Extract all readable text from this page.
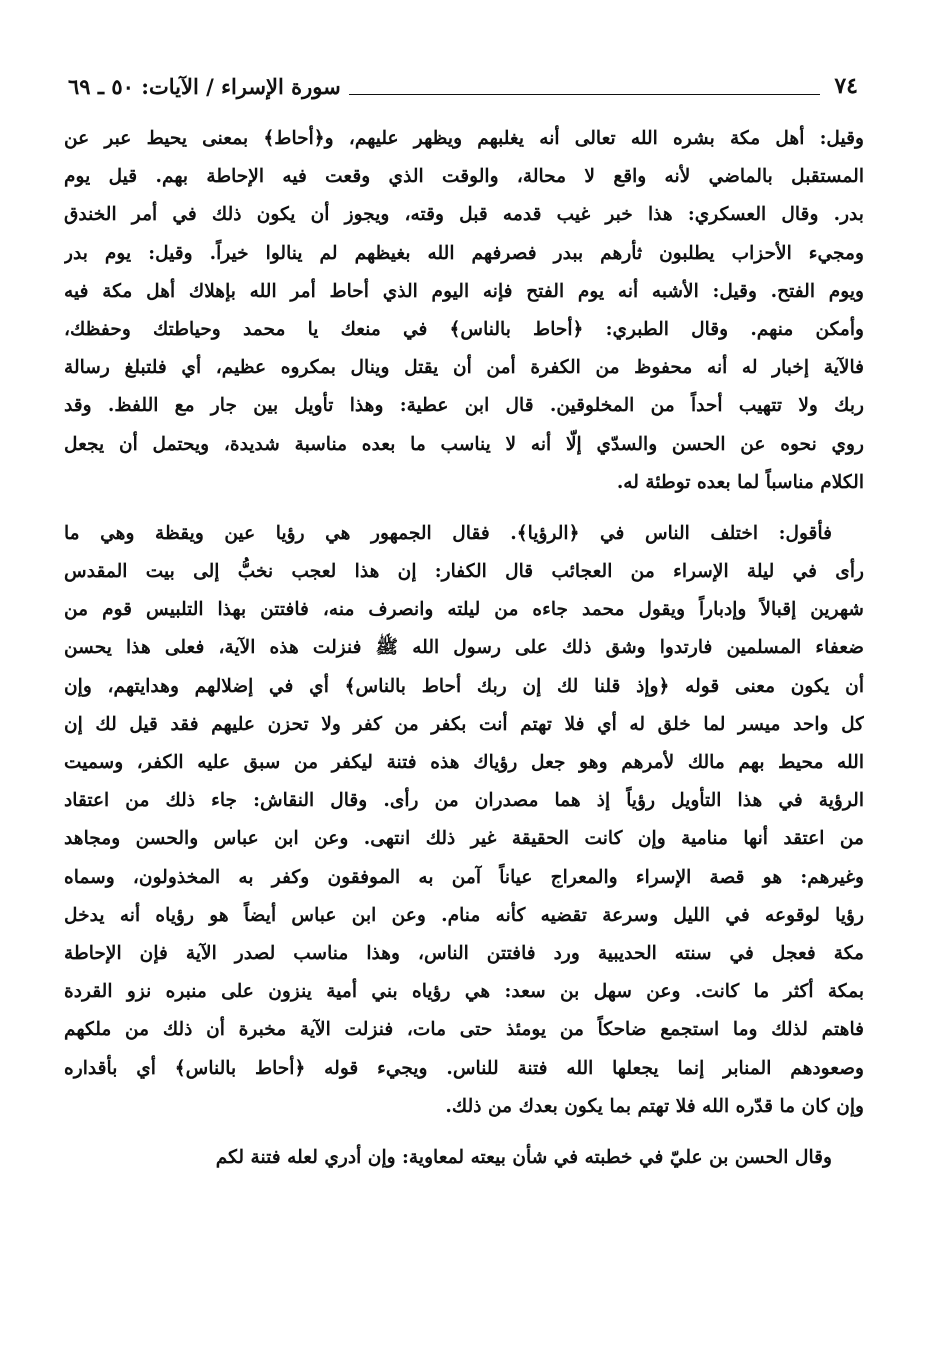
٧٤
سورة الإسراء / الآيات: ٥٠ ـ ٦٩
وقيل: أهل مكة بشره الله تعالى أنه يغلبهم ويظهر عليهم، و﴿أحاط﴾ بمعنى يحيط عبر عن
المستقبل بالماضي لأنه واقع لا محالة، والوقت الذي وقعت فيه الإحاطة بهم. قيل يوم
بدر. وقال العسكري: هذا خبر غيب قدمه قبل وقته، ويجوز أن يكون ذلك في أمر الخندق
ومجيء الأحزاب يطلبون ثأرهم ببدر فصرفهم الله بغيظهم لم ينالوا خيراً. وقيل: يوم بدر
ويوم الفتح. وقيل: الأشبه أنه يوم الفتح فإنه اليوم الذي أحاط أمر الله بإهلاك أهل مكة فيه
وأمكن منهم. وقال الطبري: ﴿أحاط بالناس﴾ في منعك يا محمد وحياطتك وحفظك،
فالآية إخبار له أنه محفوظ من الكفرة أمن أن يقتل وينال بمكروه عظيم، أي فلتبلغ رسالة
ربك ولا تتهيب أحداً من المخلوقين. قال ابن عطية: وهذا تأويل بين جار مع اللفظ. وقد
روي نحوه عن الحسن والسدّي إلّا أنه لا يناسب ما بعده مناسبة شديدة، ويحتمل أن يجعل
الكلام مناسباً لما بعده توطئة له.
فأقول: اختلف الناس في ﴿الرؤيا﴾. فقال الجمهور هي رؤيا عين ويقظة وهي ما
رأى في ليلة الإسراء من العجائب قال الكفار: إن هذا لعجب نخبُّ إلى بيت المقدس
شهرين إقبالاً وإدباراً ويقول محمد جاءه من ليلته وانصرف منه، فافتتن بهذا التلبيس قوم من
ضعفاء المسلمين فارتدوا وشق ذلك على رسول الله ﷺ فنزلت هذه الآية، فعلى هذا يحسن
أن يكون معنى قوله ﴿وإذ قلنا لك إن ربك أحاط بالناس﴾ أي في إضلالهم وهدايتهم، وإن
كل واحد ميسر لما خلق له أي فلا تهتم أنت بكفر من كفر ولا تحزن عليهم فقد قيل لك إن
الله محيط بهم مالك لأمرهم وهو جعل رؤياك هذه فتنة ليكفر من سبق عليه الكفر، وسميت
الرؤية في هذا التأويل رؤياً إذ هما مصدران من رأى. وقال النقاش: جاء ذلك من اعتقاد
من اعتقد أنها منامية وإن كانت الحقيقة غير ذلك انتهى. وعن ابن عباس والحسن ومجاهد
وغيرهم: هو قصة الإسراء والمعراج عياناً آمن به الموفقون وكفر به المخذولون، وسماه
رؤيا لوقوعه في الليل وسرعة تقضيه كأنه منام. وعن ابن عباس أيضاً هو رؤياه أنه يدخل
مكة فعجل في سنته الحديبية ورد فافتتن الناس، وهذا مناسب لصدر الآية فإن الإحاطة
بمكة أكثر ما كانت. وعن سهل بن سعد: هي رؤياه بني أمية ينزون على منبره نزو القردة
فاهتم لذلك وما استجمع ضاحكاً من يومئذ حتى مات، فنزلت الآية مخبرة أن ذلك من ملكهم
وصعودهم المنابر إنما يجعلها الله فتنة للناس. ويجيء قوله ﴿أحاط بالناس﴾ أي بأقداره
وإن كان ما قدّره الله فلا تهتم بما يكون بعدك من ذلك.
وقال الحسن بن عليّ في خطبته في شأن بيعته لمعاوية: وإن أدري لعله فتنة لكم
